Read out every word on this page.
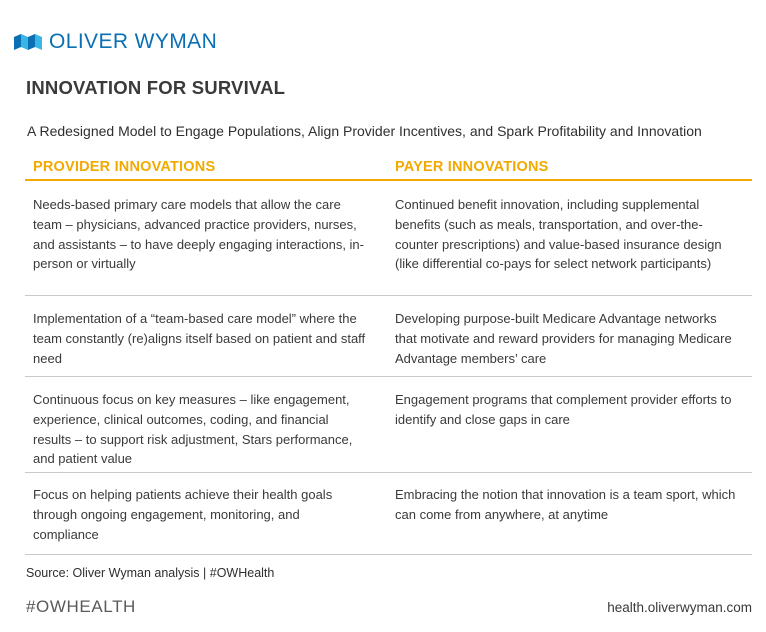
OLIVER WYMAN
INNOVATION FOR SURVIVAL
A Redesigned Model to Engage Populations, Align Provider Incentives, and Spark Profitability and Innovation
PROVIDER INNOVATIONS	PAYER INNOVATIONS
Needs-based primary care models that allow the care team – physicians, advanced practice providers, nurses, and assistants – to have deeply engaging interactions, in-person or virtually
Continued benefit innovation, including supplemental benefits (such as meals, transportation, and over-the-counter prescriptions) and value-based insurance design (like differential co-pays for select network participants)
Implementation of a “team-based care model” where the team constantly (re)aligns itself based on patient and staff need
Developing purpose-built Medicare Advantage networks that motivate and reward providers for managing Medicare Advantage members’ care
Continuous focus on key measures – like engagement, experience, clinical outcomes, coding, and financial results – to support risk adjustment, Stars performance, and patient value
Engagement programs that complement provider efforts to identify and close gaps in care
Focus on helping patients achieve their health goals through ongoing engagement, monitoring, and compliance
Embracing the notion that innovation is a team sport, which can come from anywhere, at anytime
Source: Oliver Wyman analysis | #OWHealth
#OWHEALTH	health.oliverwyman.com
